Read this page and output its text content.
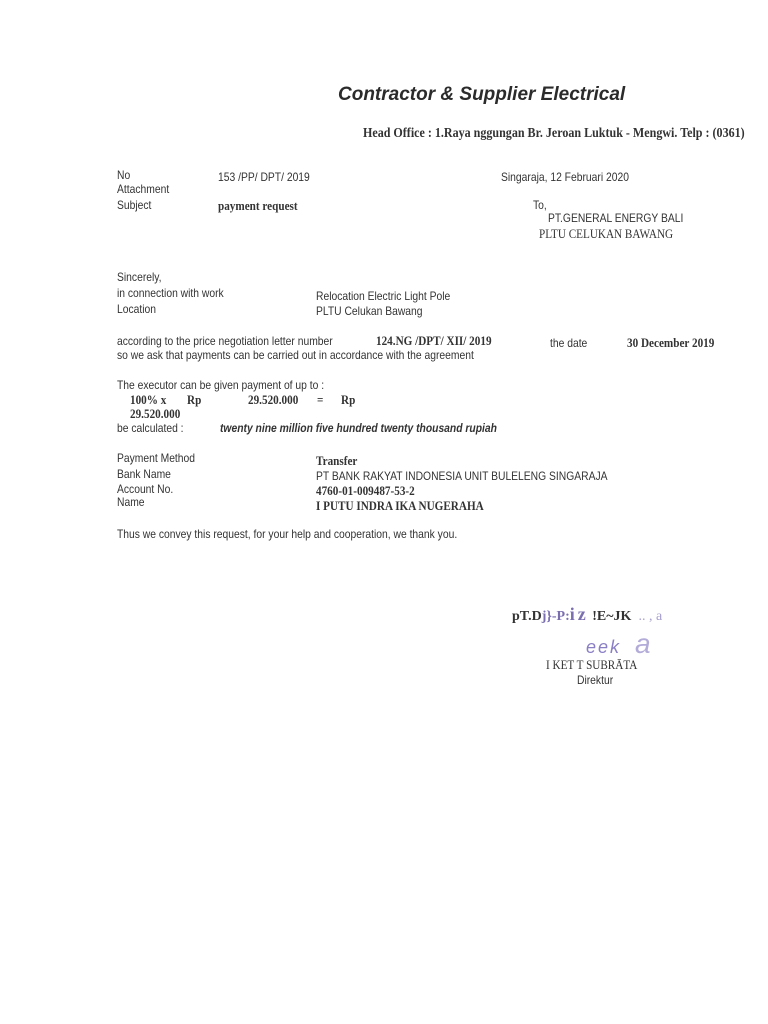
Contractor & Supplier Electrical
Head Office : 1.Raya nggungan Br. Jeroan Luktuk - Mengwi. Telp : (0361)
No	153 /PP/ DPT/ 2019
Attachment
Subject	payment request
Singaraja, 12 Februari 2020
To,
PT.GENERAL ENERGY BALI
PLTU CELUKAN BAWANG
Sincerely,
in connection with work	Relocation Electric Light Pole
Location	PLTU Celukan Bawang
according to the price negotiation letter number	124.NG /DPT/ XII/ 2019	the date	30 December 2019
so we ask that payments can be carried out in accordance with the agreement
The executor can be given payment of up to :
100% x Rp	29.520.000 = Rp
29.520.000
be calculated :	twenty nine million five hundred twenty thousand rupiah
Payment Method	Transfer
Bank Name	PT BANK RAKYAT INDONESIA UNIT BULELENG SINGARAJA
Account No.	4760-01-009487-53-2
Name	I PUTU INDRA IKA NUGERAHA
Thus we convey this request, for your help and cooperation, we thank you.
pT.Dj}-P:iz !E~JK .. , a
eek a
I KET T SUBRĀTA
Direktur
